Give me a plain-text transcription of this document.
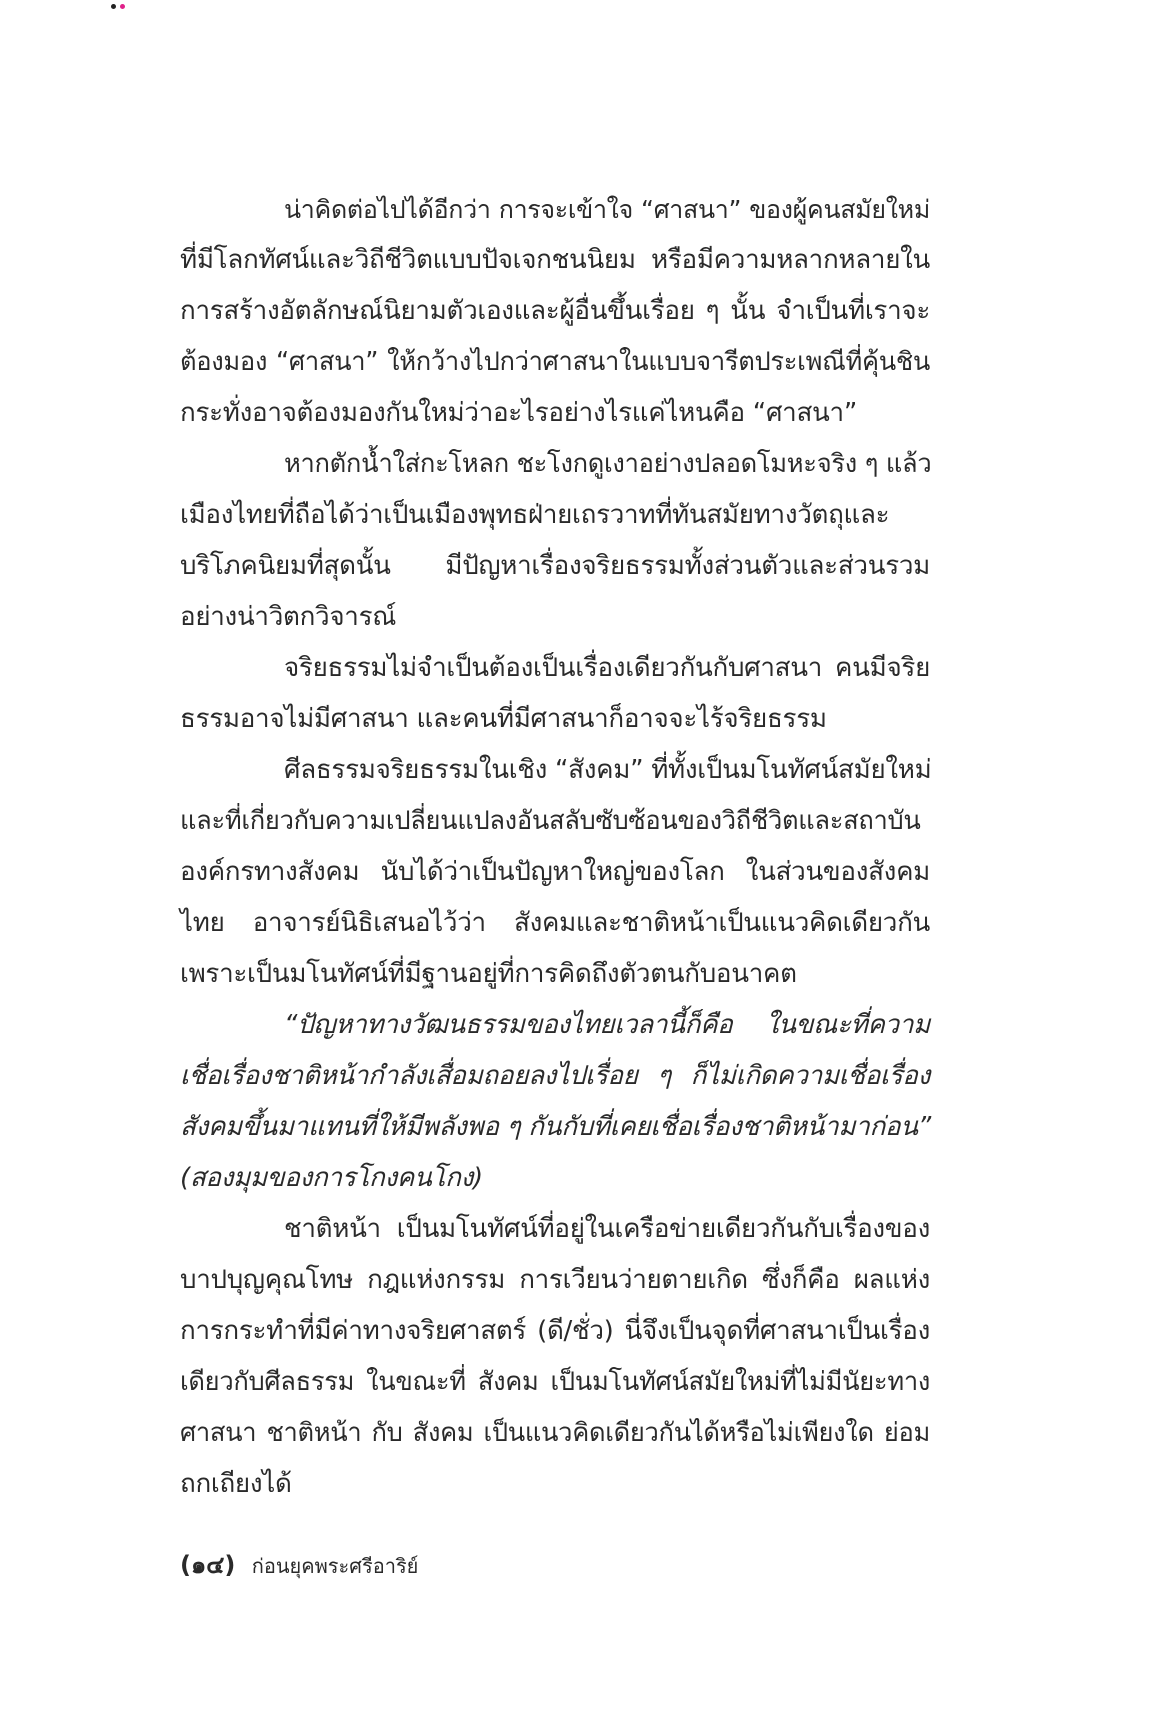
น่าคิดต่อไปได้อีกว่า การจะเข้าใจ “ศาสนา” ของผู้คนสมัยใหม่
ที่มีโลกทัศน์และวิถีชีวิตแบบปัจเจกชนนิยม หรือมีความหลากหลายใน
การสร้างอัตลักษณ์นิยามตัวเองและผู้อื่นขึ้นเรื่อย ๆ นั้น จำเป็นที่เราจะ
ต้องมอง “ศาสนา” ให้กว้างไปกว่าศาสนาในแบบจารีตประเพณีที่คุ้นชิน
กระทั่งอาจต้องมองกันใหม่ว่าอะไรอย่างไรแค่ไหนคือ “ศาสนา”
หากตักน้ำใส่กะโหลก ชะโงกดูเงาอย่างปลอดโมหะจริง ๆ แล้ว
เมืองไทยที่ถือได้ว่าเป็นเมืองพุทธฝ่ายเถรวาทที่ทันสมัยทางวัตถุและ
บริโภคนิยมที่สุดนั้น มีปัญหาเรื่องจริยธรรมทั้งส่วนตัวและส่วนรวม
อย่างน่าวิตกวิจารณ์
จริยธรรมไม่จำเป็นต้องเป็นเรื่องเดียวกันกับศาสนา คนมีจริย
ธรรมอาจไม่มีศาสนา และคนที่มีศาสนาก็อาจจะไร้จริยธรรม
ศีลธรรมจริยธรรมในเชิง “สังคม” ที่ทั้งเป็นมโนทัศน์สมัยใหม่
และที่เกี่ยวกับความเปลี่ยนแปลงอันสลับซับซ้อนของวิถีชีวิตและสถาบัน
องค์กรทางสังคม นับได้ว่าเป็นปัญหาใหญ่ของโลก ในส่วนของสังคม
ไทย อาจารย์นิธิเสนอไว้ว่า สังคมและชาติหน้าเป็นแนวคิดเดียวกัน
เพราะเป็นมโนทัศน์ที่มีฐานอยู่ที่การคิดถึงตัวตนกับอนาคต
“ปัญหาทางวัฒนธรรมของไทยเวลานี้ก็คือ ในขณะที่ความ
เชื่อเรื่องชาติหน้ากำลังเสื่อมถอยลงไปเรื่อย ๆ ก็ไม่เกิดความเชื่อเรื่อง
สังคมขึ้นมาแทนที่ให้มีพลังพอ ๆ กันกับที่เคยเชื่อเรื่องชาติหน้ามาก่อน”
(สองมุมของการโกงคนโกง)
ชาติหน้า เป็นมโนทัศน์ที่อยู่ในเครือข่ายเดียวกันกับเรื่องของ
บาปบุญคุณโทษ กฎแห่งกรรม การเวียนว่ายตายเกิด ซึ่งก็คือ ผลแห่ง
การกระทำที่มีค่าทางจริยศาสตร์ (ดี/ชั่ว) นี่จึงเป็นจุดที่ศาสนาเป็นเรื่อง
เดียวกับศีลธรรม ในขณะที่ สังคม เป็นมโนทัศน์สมัยใหม่ที่ไม่มีนัยะทาง
ศาสนา ชาติหน้า กับ สังคม เป็นแนวคิดเดียวกันได้หรือไม่เพียงใด ย่อม
ถกเถียงได้
(๑๔) ก่อนยุคพระศรีอาริย์
